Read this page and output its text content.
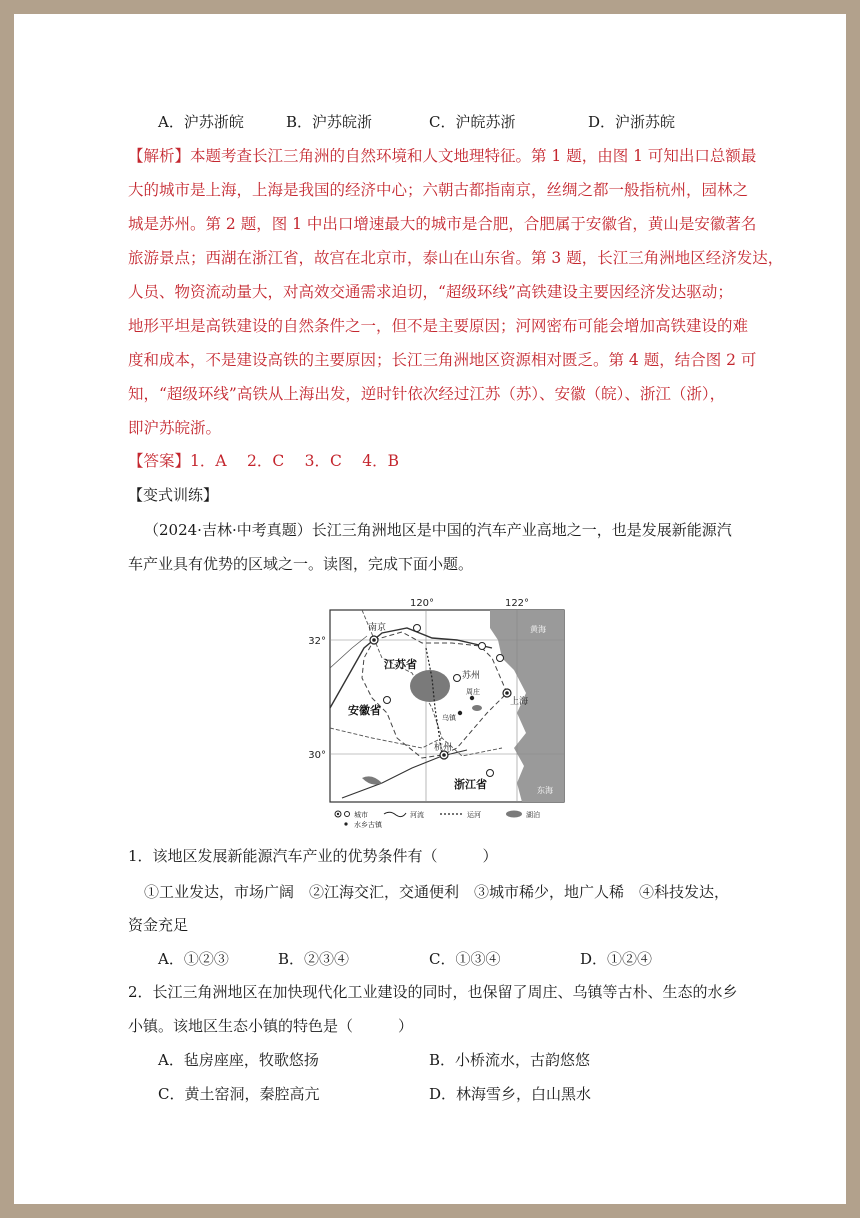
A．沪苏浙皖	B．沪苏皖浙	C．沪皖苏浙	D．沪浙苏皖
【解析】本题考查长江三角洲的自然环境和人文地理特征。第 1 题，由图 1 可知出口总额最
大的城市是上海，上海是我国的经济中心；六朝古都指南京，丝绸之都一般指杭州，园林之
城是苏州。第 2 题，图 1 中出口增速最大的城市是合肥，合肥属于安徽省，黄山是安徽著名
旅游景点；西湖在浙江省，故宫在北京市，泰山在山东省。第 3 题，长江三角洲地区经济发达，
人员、物资流动量大，对高效交通需求迫切，“超级环线”高铁建设主要因经济发达驱动；
地形平坦是高铁建设的自然条件之一，但不是主要原因；河网密布可能会增加高铁建设的难
度和成本，不是建设高铁的主要原因；长江三角洲地区资源相对匮乏。第 4 题，结合图 2 可
知，“超级环线”高铁从上海出发，逆时针依次经过江苏（苏）、安徽（皖）、浙江（浙），
即沪苏皖浙。
【答案】1．A　 2．C　 3．C　 4．B
【变式训练】
（2024·吉林·中考真题）长江三角洲地区是中国的汽车产业高地之一，也是发展新能源汽
车产业具有优势的区域之一。读图，完成下面小题。
120°	122°
32°
30°
江苏省
安徽省
浙江省
南京
苏州
杭州
上海
乌镇
周庄
黄海
东海
城市	河流	运河	湖泊
水乡古镇
1．该地区发展新能源汽车产业的优势条件有（　　　）
①工业发达，市场广阔　②江海交汇，交通便利　③城市稀少，地广人稀　④科技发达，
资金充足
A．①②③	B．②③④	C．①③④	D．①②④
2．长江三角洲地区在加快现代化工业建设的同时，也保留了周庄、乌镇等古朴、生态的水乡
小镇。该地区生态小镇的特色是（　　　）
A．毡房座座，牧歌悠扬	B．小桥流水，古韵悠悠
C．黄土窑洞，秦腔高亢	D．林海雪乡，白山黑水
